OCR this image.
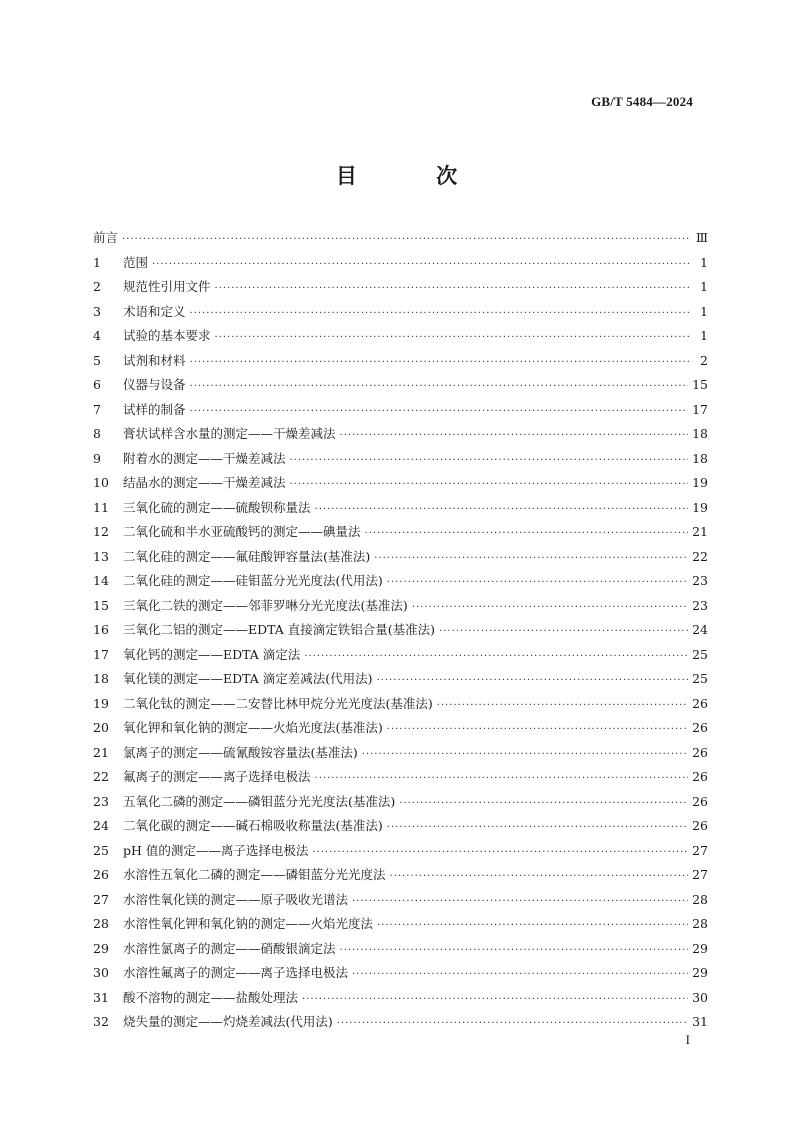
GB/T 5484—2024
目 次
前言 ·····	Ⅲ
1	范围 ·····	1
2	规范性引用文件 ·····	1
3	术语和定义 ·····	1
4	试验的基本要求 ·····	1
5	试剂和材料 ·····	2
6	仪器与设备 ·····	15
7	试样的制备 ·····	17
8	膏状试样含水量的测定——干燥差减法 ·····	18
9	附着水的测定——干燥差减法 ·····	18
10	结晶水的测定——干燥差减法 ·····	19
11	三氧化硫的测定——硫酸钡称量法 ·····	19
12	二氧化硫和半水亚硫酸钙的测定——碘量法 ·····	21
13	二氧化硅的测定——氟硅酸钾容量法(基准法) ·····	22
14	二氧化硅的测定——硅钼蓝分光光度法(代用法) ·····	23
15	三氧化二铁的测定——邻菲罗啉分光光度法(基准法) ·····	23
16	三氧化二铝的测定——EDTA 直接滴定铁铝合量(基准法) ·····	24
17	氧化钙的测定——EDTA 滴定法 ·····	25
18	氧化镁的测定——EDTA 滴定差减法(代用法) ·····	25
19	二氧化钛的测定——二安替比林甲烷分光光度法(基准法) ·····	26
20	氧化钾和氧化钠的测定——火焰光度法(基准法) ·····	26
21	氯离子的测定——硫氰酸铵容量法(基准法) ·····	26
22	氟离子的测定——离子选择电极法 ·····	26
23	五氧化二磷的测定——磷钼蓝分光光度法(基准法) ·····	26
24	二氧化碳的测定——碱石棉吸收称量法(基准法) ·····	26
25	pH 值的测定——离子选择电极法 ·····	27
26	水溶性五氧化二磷的测定——磷钼蓝分光光度法 ·····	27
27	水溶性氧化镁的测定——原子吸收光谱法 ·····	28
28	水溶性氧化钾和氧化钠的测定——火焰光度法 ·····	28
29	水溶性氯离子的测定——硝酸银滴定法 ·····	29
30	水溶性氟离子的测定——离子选择电极法 ·····	29
31	酸不溶物的测定——盐酸处理法 ·····	30
32	烧失量的测定——灼烧差减法(代用法) ·····	31
I
